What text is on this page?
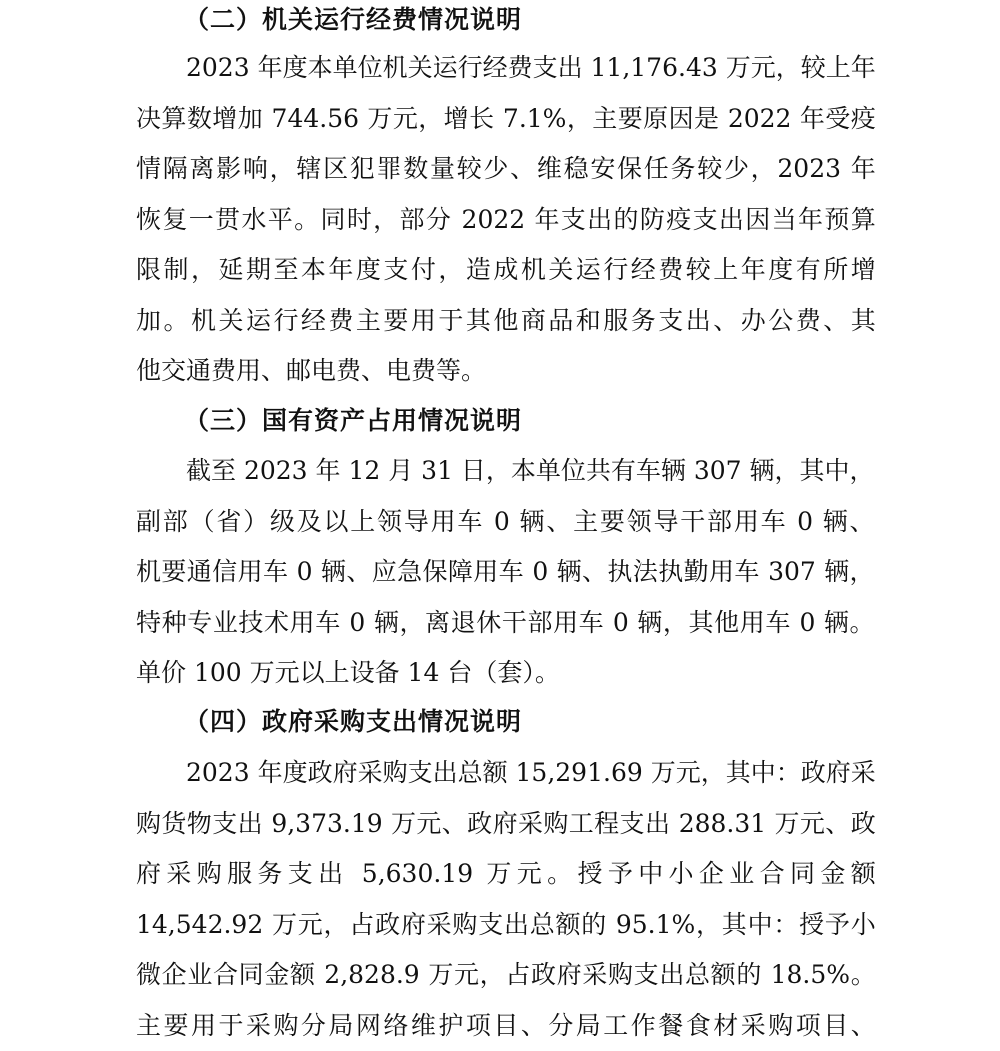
（二）机关运行经费情况说明

2023 年度本单位机关运行经费支出 11,176.43 万元，较上年
决算数增加 744.56 万元，增长 7.1%，主要原因是 2022 年受疫
情隔离影响，辖区犯罪数量较少、维稳安保任务较少，2023 年
恢复一贯水平。同时，部分 2022 年支出的防疫支出因当年预算
限制，延期至本年度支付，造成机关运行经费较上年度有所增
加。机关运行经费主要用于其他商品和服务支出、办公费、其
他交通费用、邮电费、电费等。

（三）国有资产占用情况说明

截至 2023 年 12 月 31 日，本单位共有车辆 307 辆，其中，
副部（省）级及以上领导用车 0 辆、主要领导干部用车 0 辆、
机要通信用车 0 辆、应急保障用车 0 辆、执法执勤用车 307 辆，
特种专业技术用车 0 辆，离退休干部用车 0 辆，其他用车 0 辆。
单价 100 万元以上设备 14 台（套）。

（四）政府采购支出情况说明

2023 年度政府采购支出总额 15,291.69 万元，其中：政府采
购货物支出 9,373.19 万元、政府采购工程支出 288.31 万元、政
府采购服务支出 5,630.19 万元。授予中小企业合同金额
14,542.92 万元，占政府采购支出总额的 95.1%，其中：授予小
微企业合同金额 2,828.9 万元，占政府采购支出总额的 18.5%。
主要用于采购分局网络维护项目、分局工作餐食材采购项目、
